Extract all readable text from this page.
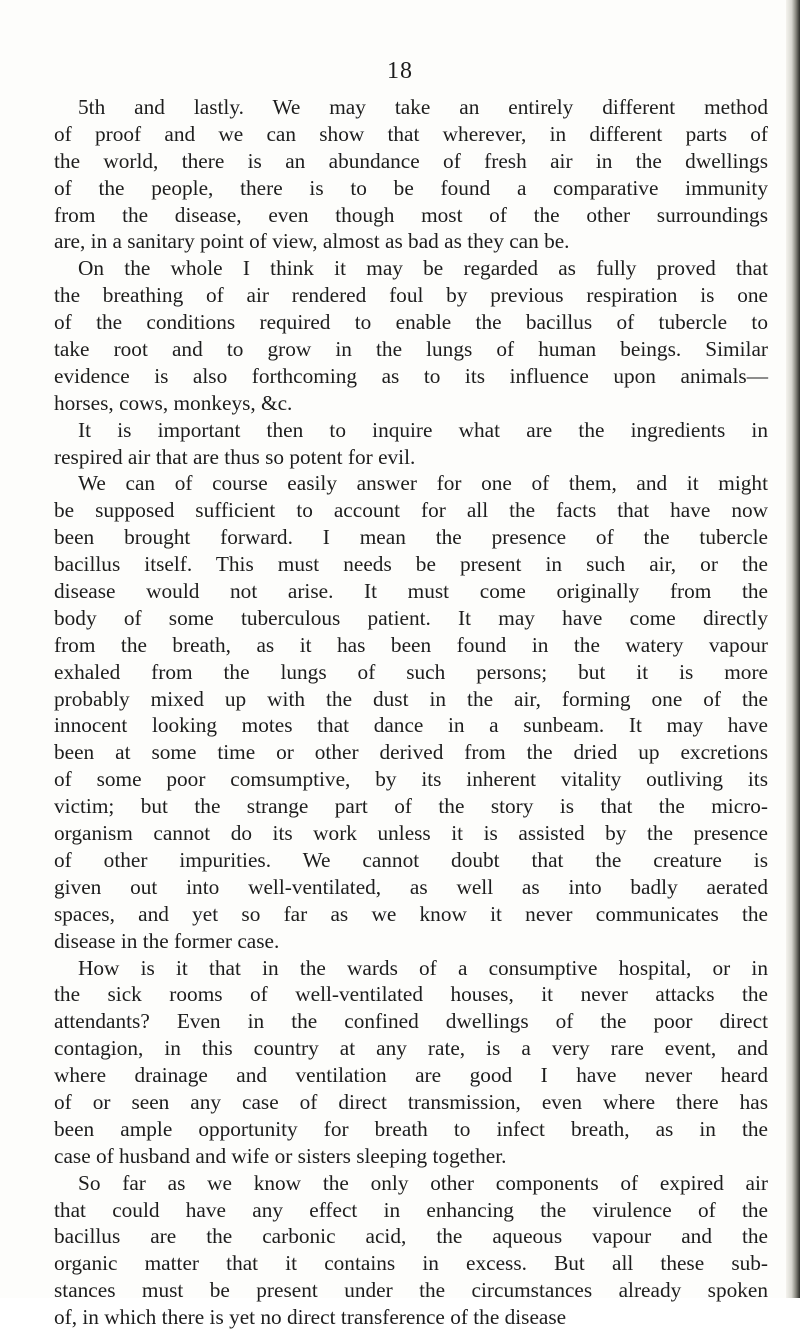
18
5th and lastly. We may take an entirely different method
of proof and we can show that wherever, in different parts of
the world, there is an abundance of fresh air in the dwellings
of the people, there is to be found a comparative immunity
from the disease, even though most of the other surroundings
are, in a sanitary point of view, almost as bad as they can be.
On the whole I think it may be regarded as fully proved that
the breathing of air rendered foul by previous respiration is one
of the conditions required to enable the bacillus of tubercle to
take root and to grow in the lungs of human beings. Similar
evidence is also forthcoming as to its influence upon animals—
horses, cows, monkeys, &c.
It is important then to inquire what are the ingredients in
respired air that are thus so potent for evil.
We can of course easily answer for one of them, and it might
be supposed sufficient to account for all the facts that have now
been brought forward. I mean the presence of the tubercle
bacillus itself. This must needs be present in such air, or the
disease would not arise. It must come originally from the
body of some tuberculous patient. It may have come directly
from the breath, as it has been found in the watery vapour
exhaled from the lungs of such persons; but it is more
probably mixed up with the dust in the air, forming one of the
innocent looking motes that dance in a sunbeam. It may have
been at some time or other derived from the dried up excretions
of some poor comsumptive, by its inherent vitality outliving its
victim; but the strange part of the story is that the micro-
organism cannot do its work unless it is assisted by the presence
of other impurities. We cannot doubt that the creature is
given out into well-ventilated, as well as into badly aerated
spaces, and yet so far as we know it never communicates the
disease in the former case.
How is it that in the wards of a consumptive hospital, or in
the sick rooms of well-ventilated houses, it never attacks the
attendants? Even in the confined dwellings of the poor direct
contagion, in this country at any rate, is a very rare event, and
where drainage and ventilation are good I have never heard
of or seen any case of direct transmission, even where there has
been ample opportunity for breath to infect breath, as in the
case of husband and wife or sisters sleeping together.
So far as we know the only other components of expired air
that could have any effect in enhancing the virulence of the
bacillus are the carbonic acid, the aqueous vapour and the
organic matter that it contains in excess. But all these sub-
stances must be present under the circumstances already spoken
of, in which there is yet no direct transference of the disease
